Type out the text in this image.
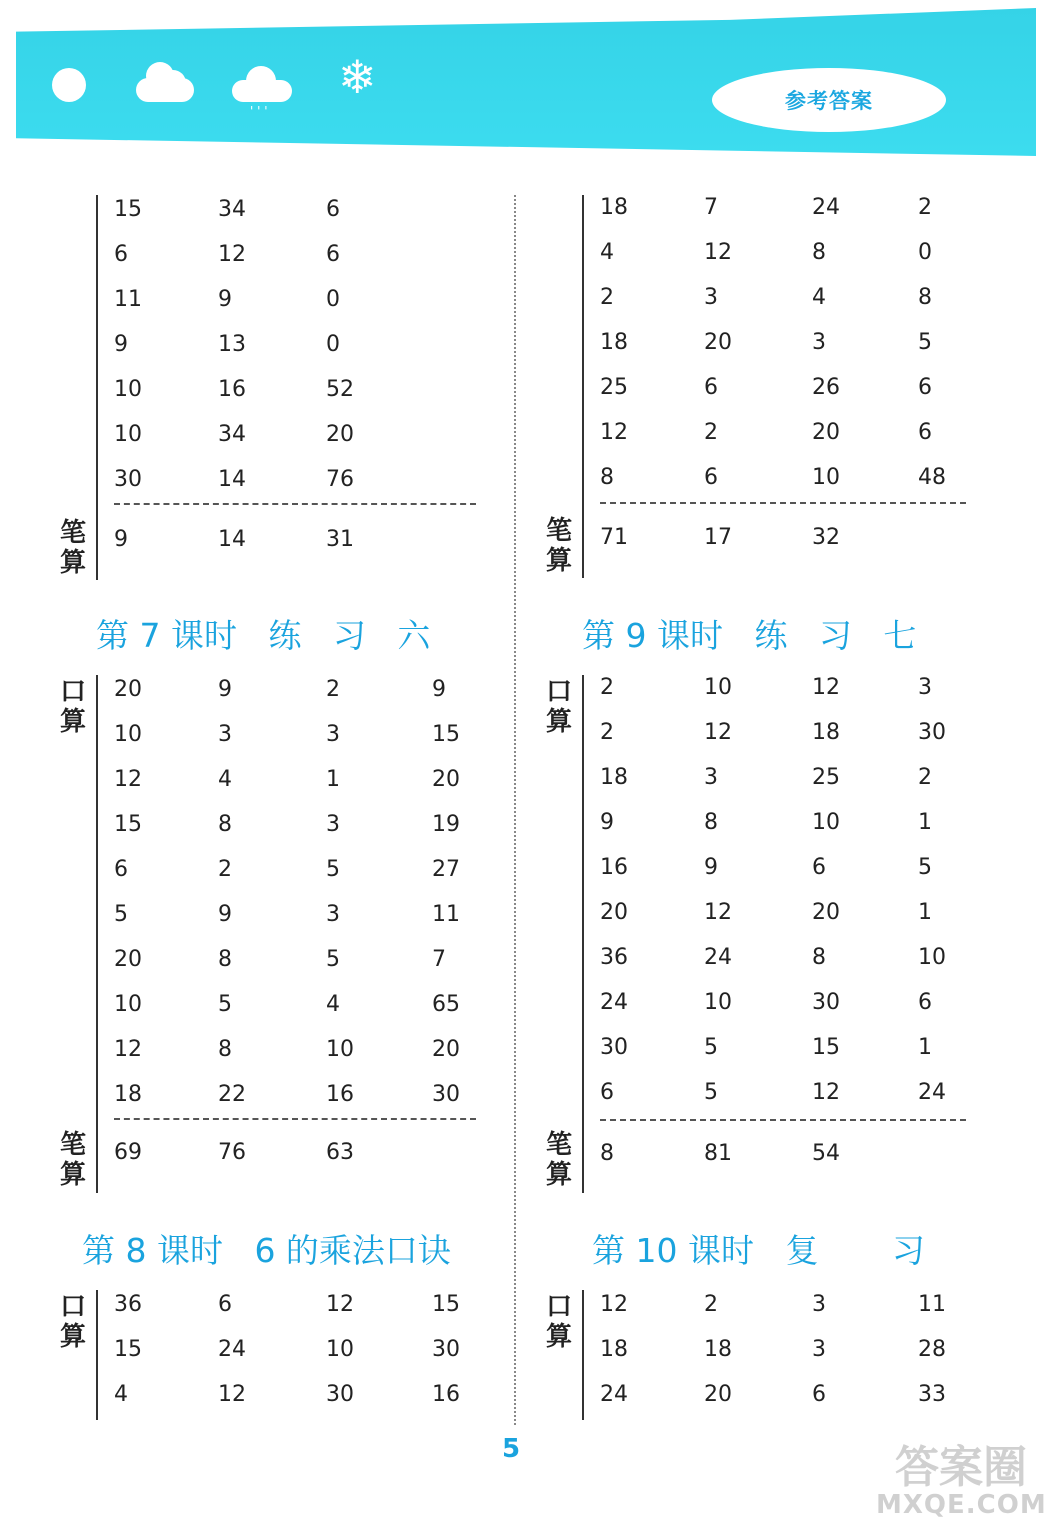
' ' '
❄	参考答案
笔算
15	34	6
6	12	6
11	9	0
9	13	0
10	16	52
10	34	20
30	14	76
9	14	31	笔算
18	7	24	2
4	12	8	0
2	3	4	8
18	20	3	5
25	6	26	6
12	2	20	6
8	6	10	48
71	17	32
第 7 课时   练   习   六
口算
笔算
20	9	2	9
10	3	3	15
12	4	1	20
15	8	3	19
6	2	5	27
5	9	3	11
20	8	5	7
10	5	4	65
12	8	10	20
18	22	16	30
69	76	63
第 9 课时   练   习   七
口算
笔算
2	10	12	3
2	12	18	30
18	3	25	2
9	8	10	1
16	9	6	5
20	12	20	1
36	24	8	10
24	10	30	6
30	5	15	1
6	5	12	24
8	81	54
第 8 课时   6 的乘法口诀
口算
36	6	12	15
15	24	10	30
4	12	30	16
第 10 课时   复       习
口算
12	2	3	11
18	18	3	28
24	20	6	33
5	答案圈
MXQE.COM
